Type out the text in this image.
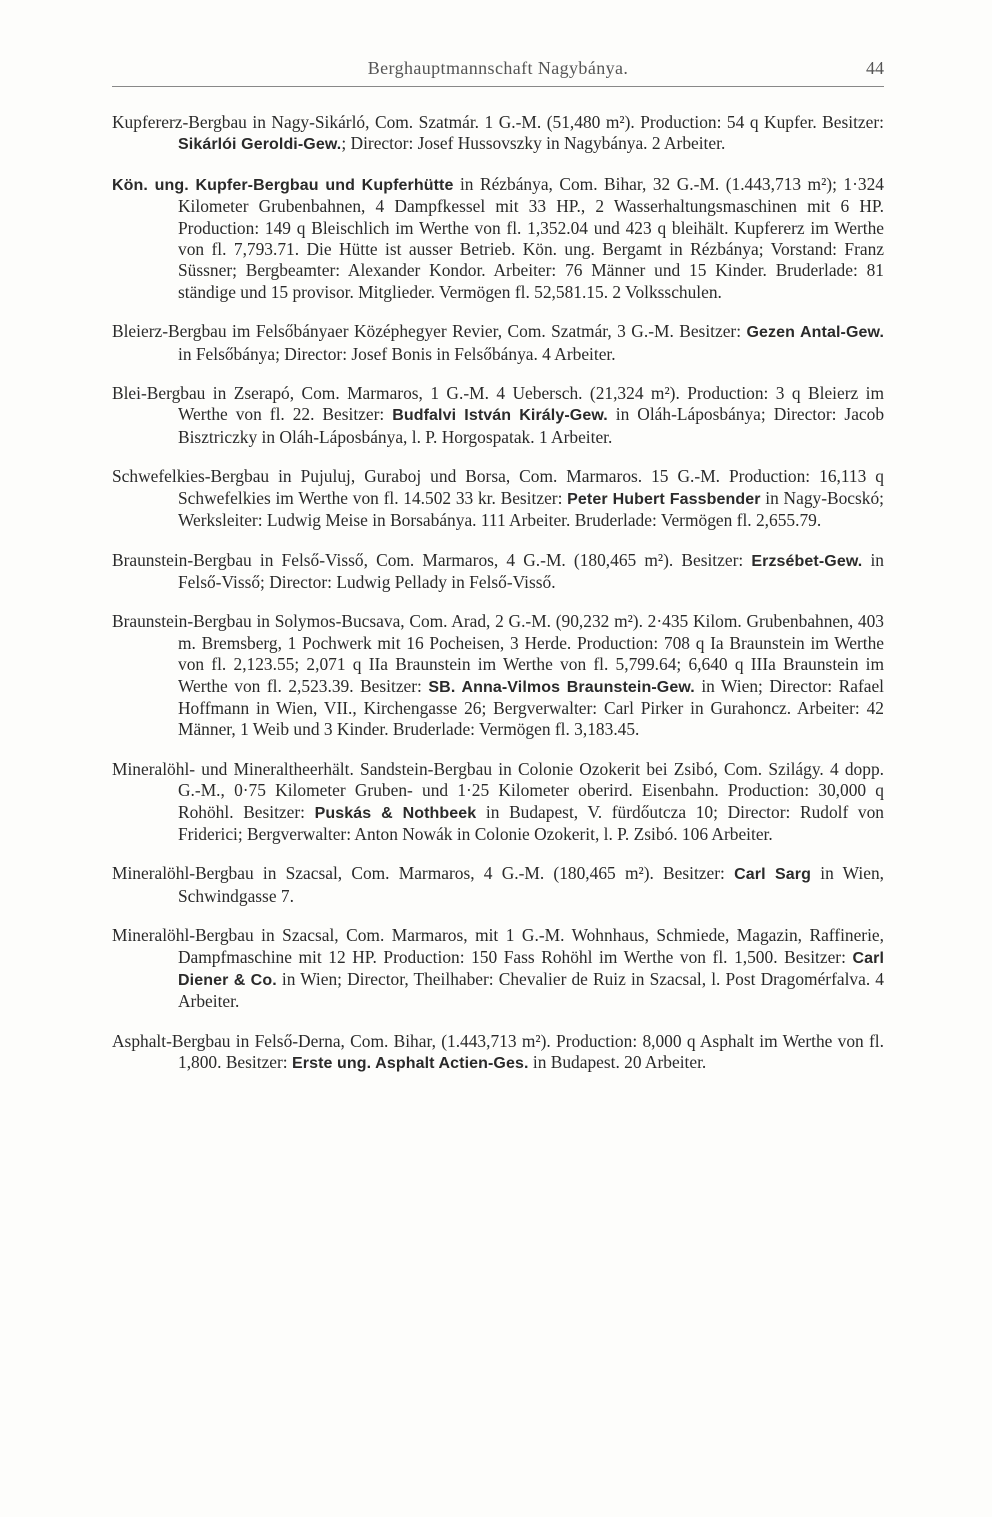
Berghauptmannschaft Nagybánya.	44

Kupfererz-Bergbau in Nagy-Sikárló, Com. Szatmár. 1 G.-M. (51,480 m²). Production: 54 q Kupfer. Besitzer: Sikárlói Geroldi-Gew.; Director: Josef Hussovszky in Nagybánya. 2 Arbeiter.

Kön. ung. Kupfer-Bergbau und Kupferhütte in Rézbánya, Com. Bihar, 32 G.-M. (1.443,713 m²); 1·324 Kilometer Grubenbahnen, 4 Dampfkessel mit 33 HP., 2 Wasserhaltungsmaschinen mit 6 HP. Production: 149 q Bleischlich im Werthe von fl. 1,352.04 und 423 q bleihält. Kupfererz im Werthe von fl. 7,793.71. Die Hütte ist ausser Betrieb. Kön. ung. Bergamt in Rézbánya; Vorstand: Franz Süssner; Bergbeamter: Alexander Kondor. Arbeiter: 76 Männer und 15 Kinder. Bruderlade: 81 ständige und 15 provisor. Mitglieder. Vermögen fl. 52,581.15. 2 Volksschulen.

Bleierz-Bergbau im Felsőbányaer Középhegyer Revier, Com. Szatmár, 3 G.-M. Besitzer: Gezen Antal-Gew. in Felsőbánya; Director: Josef Bonis in Felsőbánya. 4 Arbeiter.

Blei-Bergbau in Zserapó, Com. Marmaros, 1 G.-M. 4 Uebersch. (21,324 m²). Production: 3 q Bleierz im Werthe von fl. 22. Besitzer: Budfalvi István Király-Gew. in Oláh-Láposbánya; Director: Jacob Bisztriczky in Oláh-Láposbánya, l. P. Horgospatak. 1 Arbeiter.

Schwefelkies-Bergbau in Pujuluj, Guraboj und Borsa, Com. Marmaros. 15 G.-M. Production: 16,113 q Schwefelkies im Werthe von fl. 14.502 33 kr. Besitzer: Peter Hubert Fassbender in Nagy-Bocskó; Werksleiter: Ludwig Meise in Borsabánya. 111 Arbeiter. Bruderlade: Vermögen fl. 2,655.79.

Braunstein-Bergbau in Felső-Visső, Com. Marmaros, 4 G.-M. (180,465 m²). Besitzer: Erzsébet-Gew. in Felső-Visső; Director: Ludwig Pellady in Felső-Visső.

Braunstein-Bergbau in Solymos-Bucsava, Com. Arad, 2 G.-M. (90,232 m²). 2·435 Kilom. Grubenbahnen, 403 m. Bremsberg, 1 Pochwerk mit 16 Pocheisen, 3 Herde. Production: 708 q Ia Braunstein im Werthe von fl. 2,123.55; 2,071 q IIa Braunstein im Werthe von fl. 5,799.64; 6,640 q IIIa Braunstein im Werthe von fl. 2,523.39. Besitzer: SB. Anna-Vilmos Braunstein-Gew. in Wien; Director: Rafael Hoffmann in Wien, VII., Kirchengasse 26; Bergverwalter: Carl Pirker in Gurahoncz. Arbeiter: 42 Männer, 1 Weib und 3 Kinder. Bruderlade: Vermögen fl. 3,183.45.

Mineralöhl- und Mineraltheerhält. Sandstein-Bergbau in Colonie Ozokerit bei Zsibó, Com. Szilágy. 4 dopp. G.-M., 0·75 Kilometer Gruben- und 1·25 Kilometer oberird. Eisenbahn. Production: 30,000 q Rohöhl. Besitzer: Puskás & Nothbeek in Budapest, V. fürdőutcza 10; Director: Rudolf von Friderici; Bergverwalter: Anton Nowák in Colonie Ozokerit, l. P. Zsibó. 106 Arbeiter.

Mineralöhl-Bergbau in Szacsal, Com. Marmaros, 4 G.-M. (180,465 m²). Besitzer: Carl Sarg in Wien, Schwindgasse 7.

Mineralöhl-Bergbau in Szacsal, Com. Marmaros, mit 1 G.-M. Wohnhaus, Schmiede, Magazin, Raffinerie, Dampfmaschine mit 12 HP. Production: 150 Fass Rohöhl im Werthe von fl. 1,500. Besitzer: Carl Diener & Co. in Wien; Director, Theilhaber: Chevalier de Ruiz in Szacsal, l. Post Dragomérfalva. 4 Arbeiter.

Asphalt-Bergbau in Felső-Derna, Com. Bihar, (1.443,713 m²). Production: 8,000 q Asphalt im Werthe von fl. 1,800. Besitzer: Erste ung. Asphalt Actien-Ges. in Budapest. 20 Arbeiter.
